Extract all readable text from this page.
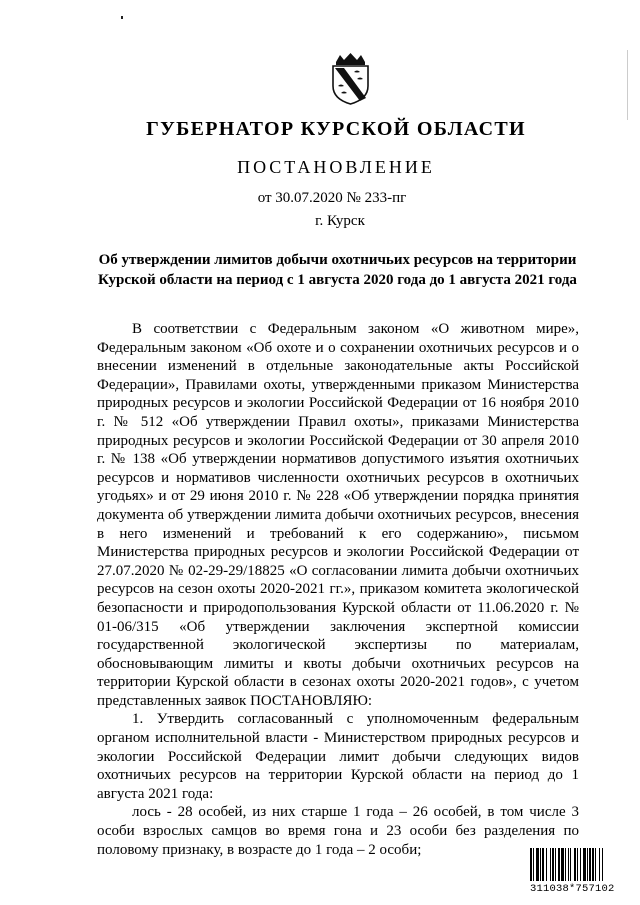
ГУБЕРНАТОР КУРСКОЙ ОБЛАСТИ
ПОСТАНОВЛЕНИЕ
от 30.07.2020 № 233-пг
г. Курск
Об утверждении лимитов добычи охотничьих ресурсов на территории Курской области на период с 1 августа 2020 года до 1 августа 2021 года

В соответствии с Федеральным законом «О животном мире», Федеральным законом «Об охоте и о сохранении охотничьих ресурсов и о внесении изменений в отдельные законодательные акты Российской Федерации», Правилами охоты, утвержденными приказом Министерства природных ресурсов и экологии Российской Федерации от 16 ноября 2010 г. № 512 «Об утверждении Правил охоты», приказами Министерства природных ресурсов и экологии Российской Федерации от 30 апреля 2010 г. № 138 «Об утверждении нормативов допустимого изъятия охотничьих ресурсов и нормативов численности охотничьих ресурсов в охотничьих угодьях» и от 29 июня 2010 г. № 228 «Об утверждении порядка принятия документа об утверждении лимита добычи охотничьих ресурсов, внесения в него изменений и требований к его содержанию», письмом Министерства природных ресурсов и экологии Российской Федерации от 27.07.2020 № 02-29-29/18825 «О согласовании лимита добычи охотничьих ресурсов на сезон охоты 2020-2021 гг.», приказом комитета экологической безопасности и природопользования Курской области от 11.06.2020 г. № 01-06/315 «Об утверждении заключения экспертной комиссии государственной экологической экспертизы по материалам, обосновывающим лимиты и квоты добычи охотничьих ресурсов на территории Курской области в сезонах охоты 2020-2021 годов», с учетом представленных заявок ПОСТАНОВЛЯЮ:

1. Утвердить согласованный с уполномоченным федеральным органом исполнительной власти - Министерством природных ресурсов и экологии Российской Федерации лимит добычи следующих видов охотничьих ресурсов на территории Курской области на период до 1 августа 2021 года:

лось - 28 особей, из них старше 1 года – 26 особей, в том числе 3 особи взрослых самцов во время гона и 23 особи без разделения по половому признаку, в возрасте до 1 года – 2 особи;

311038*757102
